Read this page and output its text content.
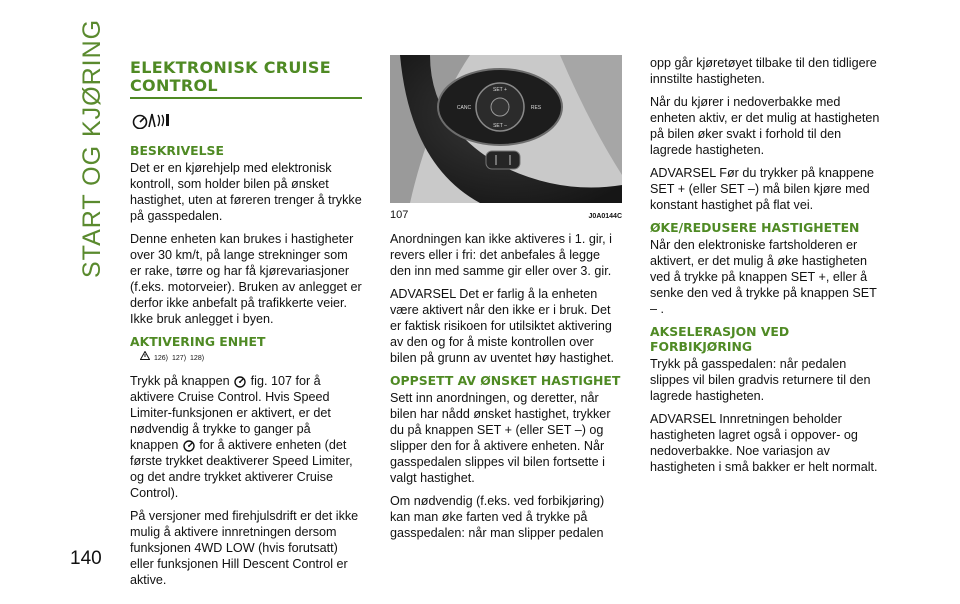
START OG KJØRING
140
ELEKTRONISK CRUISE CONTROL
BESKRIVELSE

Det er en kjørehjelp med elektronisk kontroll, som holder bilen på ønsket hastighet, uten at føreren trenger å trykke på gasspedalen.

Denne enheten kan brukes i hastigheter over 30 km/t, på lange strekninger som er rake, tørre og har få kjørevariasjoner (f.eks. motorveier). Bruken av anlegget er derfor ikke anbefalt på trafikkerte veier. Ikke bruk anlegget i byen.

AKTIVERING ENHET
126) 127) 128)

Trykk på knappen fig. 107 for å aktivere Cruise Control. Hvis Speed Limiter-funksjonen er aktivert, er det nødvendig å trykke to ganger på knappen for å aktivere enheten (det første trykket deaktiverer Speed Limiter, og det andre trykket aktiverer Cruise Control).

På versjoner med firehjulsdrift er det ikke mulig å aktivere innretningen dersom funksjonen 4WD LOW (hvis forutsatt) eller funksjonen Hill Descent Control er aktive.

SET +
SET –
CANC	RES
107	J0A0144C

Anordningen kan ikke aktiveres i 1. gir, i revers eller i fri: det anbefales å legge den inn med samme gir eller over 3. gir.

ADVARSEL Det er farlig å la enheten være aktivert når den ikke er i bruk. Det er faktisk risikoen for utilsiktet aktivering av den og for å miste kontrollen over bilen på grunn av uventet høy hastighet.

OPPSETT AV ØNSKET HASTIGHET

Sett inn anordningen, og deretter, når bilen har nådd ønsket hastighet, trykker du på knappen SET + (eller SET –) og slipper den for å aktivere enheten. Når gasspedalen slippes vil bilen fortsette i valgt hastighet.

Om nødvendig (f.eks. ved forbikjøring) kan man øke farten ved å trykke på gasspedalen: når man slipper pedalen

opp går kjøretøyet tilbake til den tidligere innstilte hastigheten.

Når du kjører i nedoverbakke med enheten aktiv, er det mulig at hastigheten på bilen øker svakt i forhold til den lagrede hastigheten.

ADVARSEL Før du trykker på knappene SET + (eller SET –) må bilen kjøre med konstant hastighet på flat vei.

ØKE/REDUSERE HASTIGHETEN

Når den elektroniske fartsholderen er aktivert, er det mulig å øke hastigheten ved å trykke på knappen SET +, eller å senke den ved å trykke på knappen SET – .

AKSELERASJON VED FORBIKJØRING

Trykk på gasspedalen: når pedalen slippes vil bilen gradvis returnere til den lagrede hastigheten.

ADVARSEL Innretningen beholder hastigheten lagret også i oppover- og nedoverbakke. Noe variasjon av hastigheten i små bakker er helt normalt.
